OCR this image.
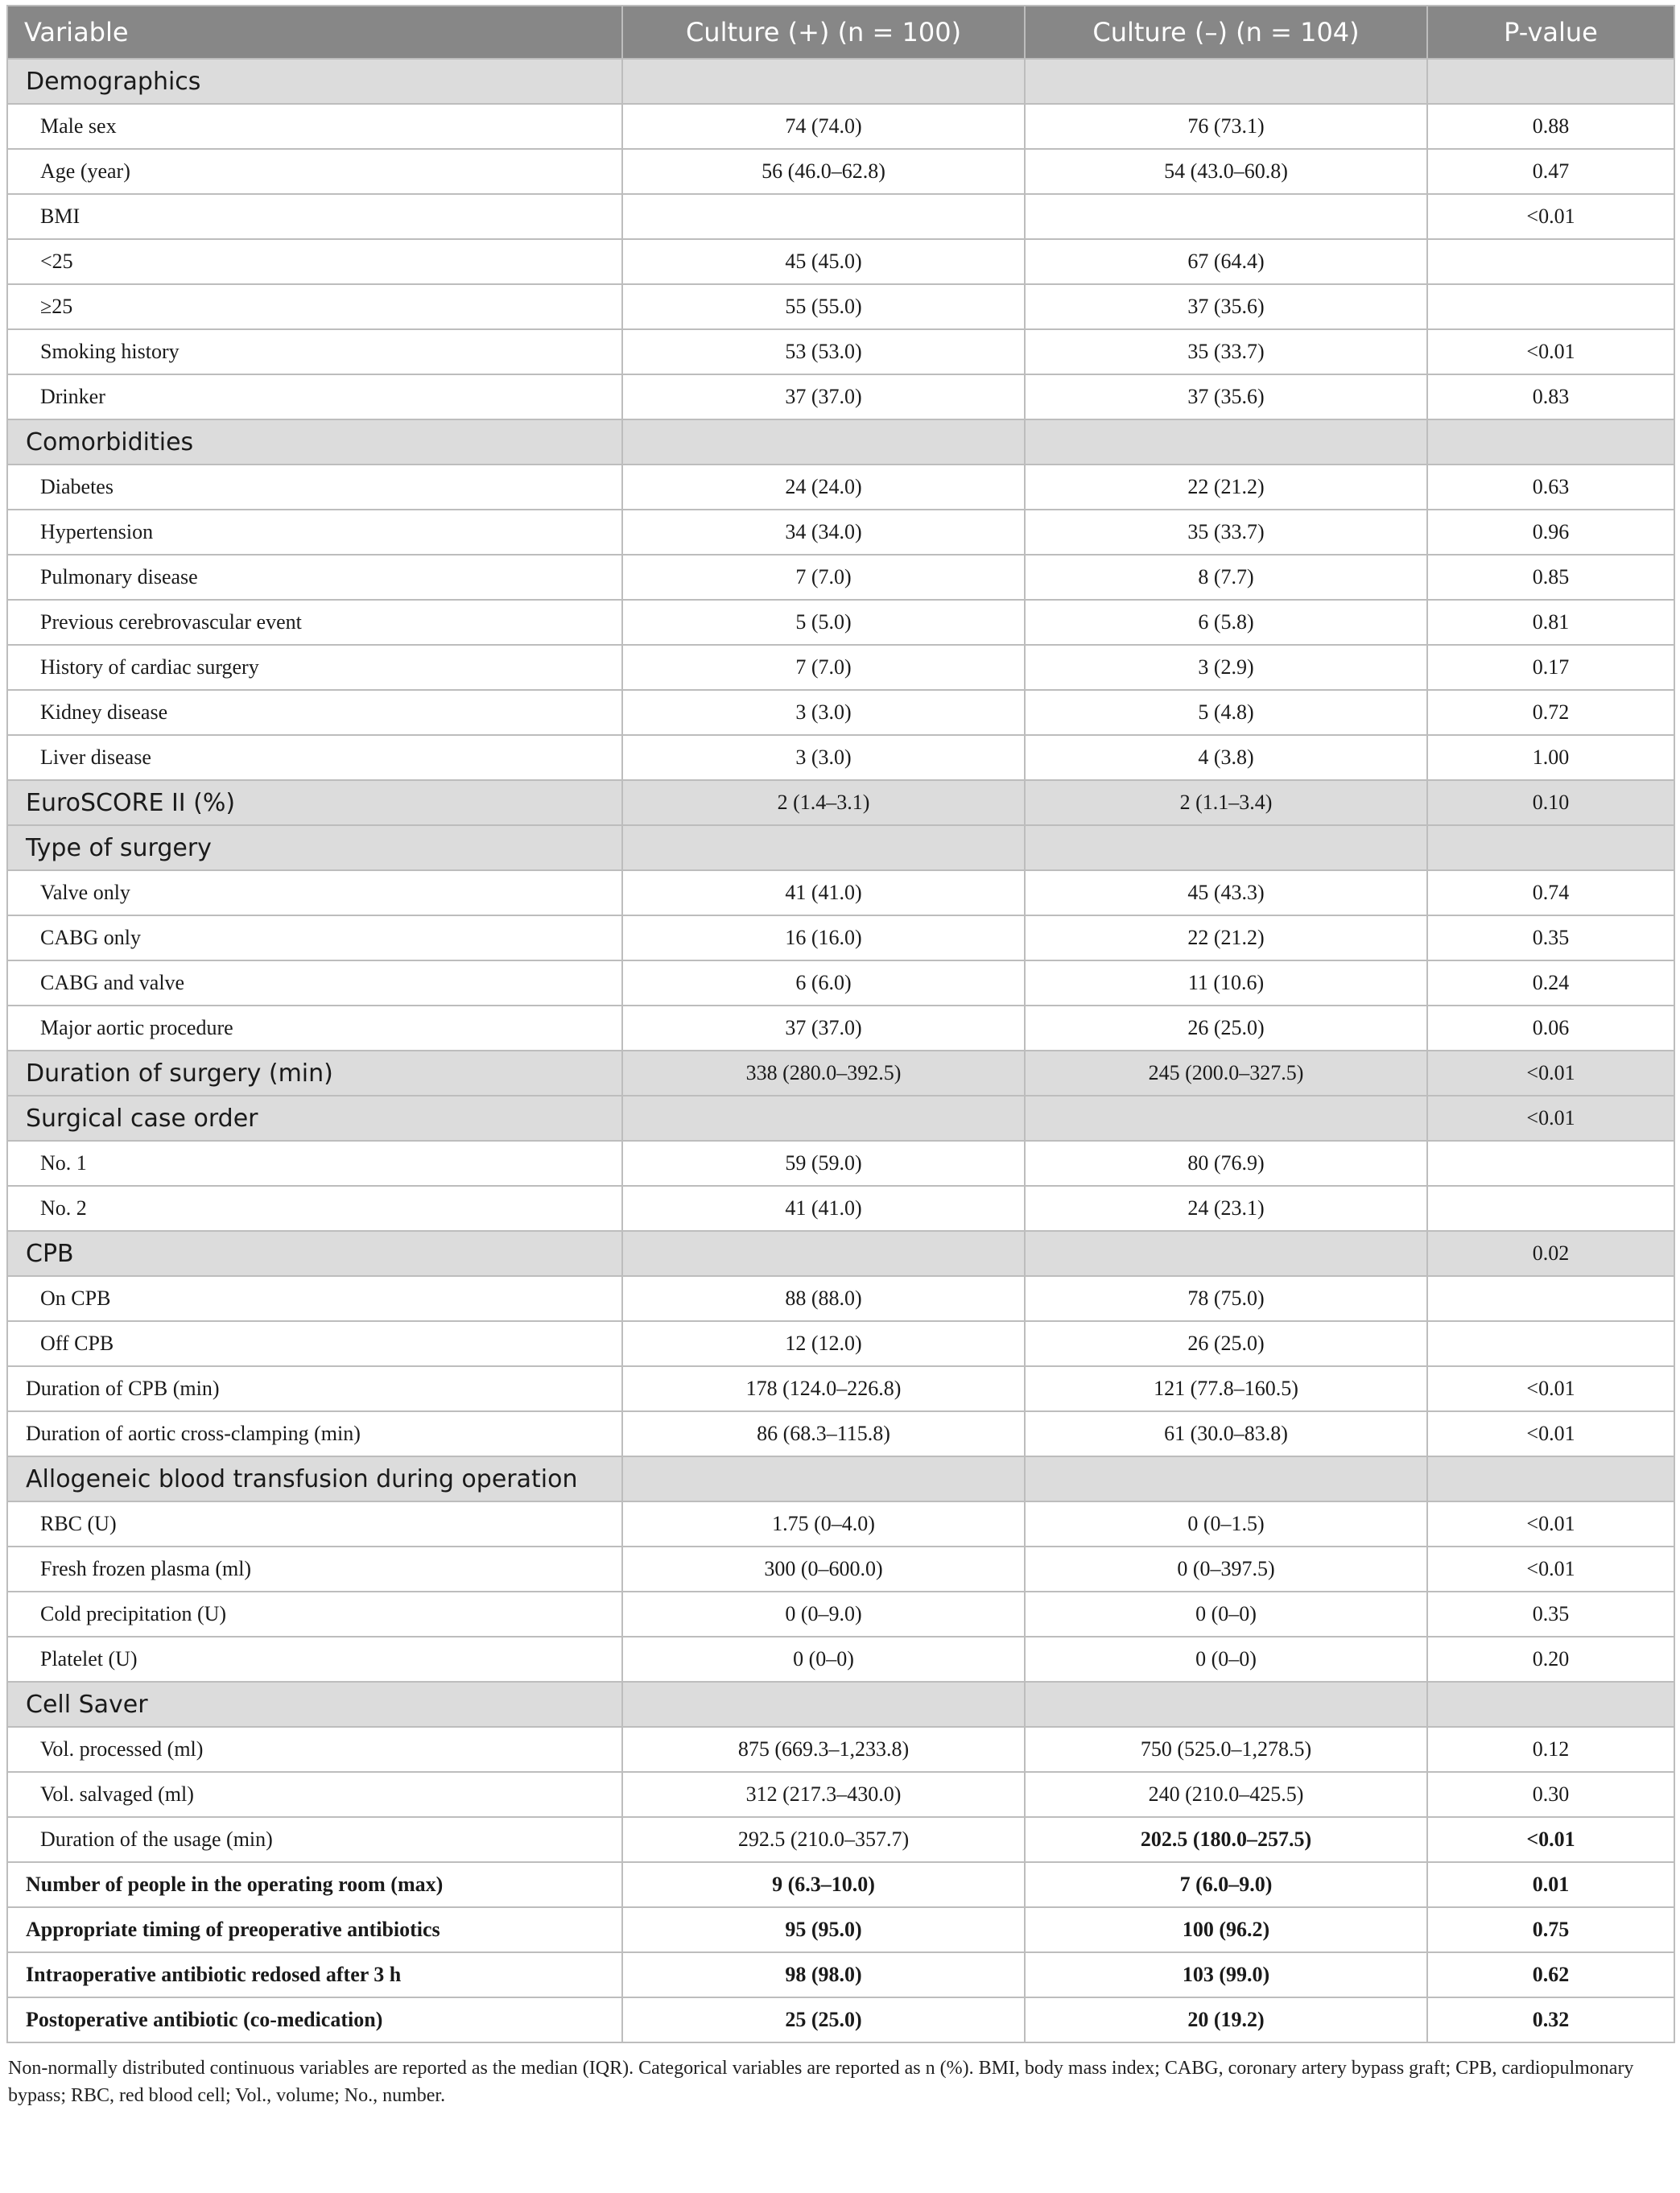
Variable	Culture (+) (n = 100)	Culture (–) (n = 104)	P-value
Demographics			
Male sex	74 (74.0)	76 (73.1)	0.88
Age (year)	56 (46.0–62.8)	54 (43.0–60.8)	0.47
BMI			<0.01
<25	45 (45.0)	67 (64.4)	
≥25	55 (55.0)	37 (35.6)	
Smoking history	53 (53.0)	35 (33.7)	<0.01
Drinker	37 (37.0)	37 (35.6)	0.83
Comorbidities			
Diabetes	24 (24.0)	22 (21.2)	0.63
Hypertension	34 (34.0)	35 (33.7)	0.96
Pulmonary disease	7 (7.0)	8 (7.7)	0.85
Previous cerebrovascular event	5 (5.0)	6 (5.8)	0.81
History of cardiac surgery	7 (7.0)	3 (2.9)	0.17
Kidney disease	3 (3.0)	5 (4.8)	0.72
Liver disease	3 (3.0)	4 (3.8)	1.00
EuroSCORE II (%)	2 (1.4–3.1)	2 (1.1–3.4)	0.10
Type of surgery			
Valve only	41 (41.0)	45 (43.3)	0.74
CABG only	16 (16.0)	22 (21.2)	0.35
CABG and valve	6 (6.0)	11 (10.6)	0.24
Major aortic procedure	37 (37.0)	26 (25.0)	0.06
Duration of surgery (min)	338 (280.0–392.5)	245 (200.0–327.5)	<0.01
Surgical case order			<0.01
No. 1	59 (59.0)	80 (76.9)	
No. 2	41 (41.0)	24 (23.1)	
CPB			0.02
On CPB	88 (88.0)	78 (75.0)	
Off CPB	12 (12.0)	26 (25.0)	
Duration of CPB (min)	178 (124.0–226.8)	121 (77.8–160.5)	<0.01
Duration of aortic cross-clamping (min)	86 (68.3–115.8)	61 (30.0–83.8)	<0.01
Allogeneic blood transfusion during operation			
RBC (U)	1.75 (0–4.0)	0 (0–1.5)	<0.01
Fresh frozen plasma (ml)	300 (0–600.0)	0 (0–397.5)	<0.01
Cold precipitation (U)	0 (0–9.0)	0 (0–0)	0.35
Platelet (U)	0 (0–0)	0 (0–0)	0.20
Cell Saver			
Vol. processed (ml)	875 (669.3–1,233.8)	750 (525.0–1,278.5)	0.12
Vol. salvaged (ml)	312 (217.3–430.0)	240 (210.0–425.5)	0.30
Duration of the usage (min)	292.5 (210.0–357.7)	202.5 (180.0–257.5)	<0.01
Number of people in the operating room (max)	9 (6.3–10.0)	7 (6.0–9.0)	0.01
Appropriate timing of preoperative antibiotics	95 (95.0)	100 (96.2)	0.75
Intraoperative antibiotic redosed after 3 h	98 (98.0)	103 (99.0)	0.62
Postoperative antibiotic (co-medication)	25 (25.0)	20 (19.2)	0.32
Non-normally distributed continuous variables are reported as the median (IQR). Categorical variables are reported as n (%). BMI, body mass index; CABG, coronary artery bypass graft; CPB, cardiopulmonary bypass; RBC, red blood cell; Vol., volume; No., number.
